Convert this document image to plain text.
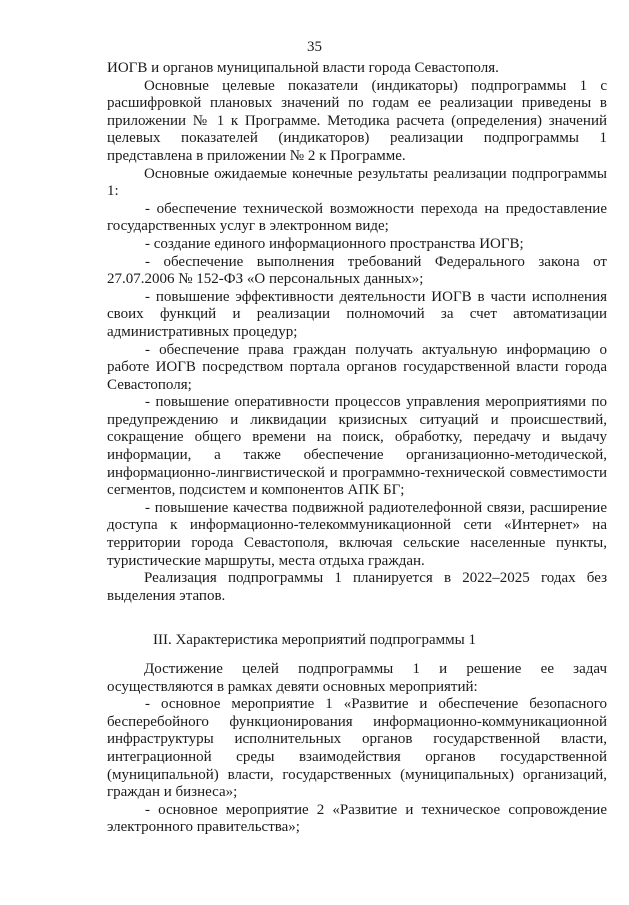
35

ИОГВ и органов муниципальной власти города Севастополя.

Основные целевые показатели (индикаторы) подпрограммы 1 с расшифровкой плановых значений по годам ее реализации приведены в приложении № 1 к Программе. Методика расчета (определения) значений целевых показателей (индикаторов) реализации подпрограммы 1 представлена в приложении № 2 к Программе.

Основные ожидаемые конечные результаты реализации подпрограммы 1:

- обеспечение технической возможности перехода на предоставление государственных услуг в электронном виде;

- создание единого информационного пространства ИОГВ;

- обеспечение выполнения требований Федерального закона от 27.07.2006 № 152-ФЗ «О персональных данных»;

- повышение эффективности деятельности ИОГВ в части исполнения своих функций и реализации полномочий за счет автоматизации административных процедур;

- обеспечение права граждан получать актуальную информацию о работе ИОГВ посредством портала органов государственной власти города Севастополя;

- повышение оперативности процессов управления мероприятиями по предупреждению и ликвидации кризисных ситуаций и происшествий, сокращение общего времени на поиск, обработку, передачу и выдачу информации, а также обеспечение организационно-методической, информационно-лингвистической и программно-технической совместимости сегментов, подсистем и компонентов АПК БГ;

- повышение качества подвижной радиотелефонной связи, расширение доступа к информационно-телекоммуникационной сети «Интернет» на территории города Севастополя, включая сельские населенные пункты, туристические маршруты, места отдыха граждан.

Реализация подпрограммы 1 планируется в 2022–2025 годах без выделения этапов.

III. Характеристика мероприятий подпрограммы 1

Достижение целей подпрограммы 1 и решение ее задач осуществляются в рамках девяти основных мероприятий:

- основное мероприятие 1 «Развитие и обеспечение безопасного бесперебойного функционирования информационно-коммуникационной инфраструктуры исполнительных органов государственной власти, интеграционной среды взаимодействия органов государственной (муниципальной) власти, государственных (муниципальных) организаций, граждан и бизнеса»;

- основное мероприятие 2 «Развитие и техническое сопровождение электронного правительства»;
